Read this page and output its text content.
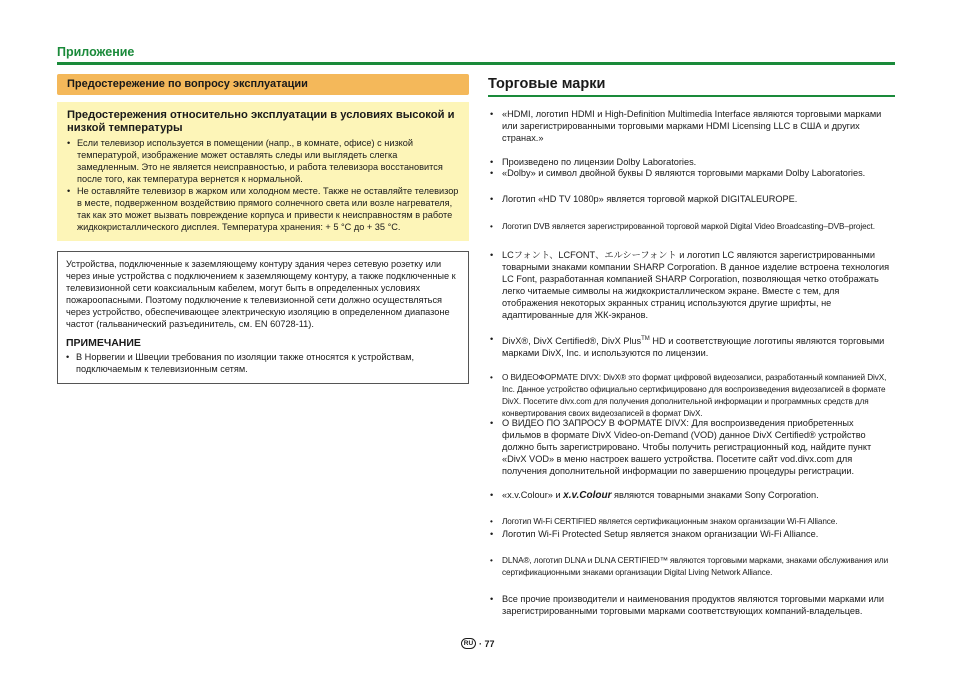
Приложение
Предостережение по вопросу эксплуатации
Предостережения относительно эксплуатации в условиях высокой и низкой температуры
• Если телевизор используется в помещении (напр., в комнате, офисе) с низкой температурой, изображение может оставлять следы или выглядеть слегка замедленным. Это не является неисправностью, и работа телевизора восстановится после того, как температура вернется к нормальной.
• Не оставляйте телевизор в жарком или холодном месте. Также не оставляйте телевизор в месте, подверженном воздействию прямого солнечного света или возле нагревателя, так как это может вызвать повреждение корпуса и привести к неисправностям в работе жидкокристаллического дисплея. Температура хранения: + 5 °C до + 35 °C.
Устройства, подключенные к заземляющему контуру здания через сетевую розетку или через иные устройства с подключением к заземляющему контуру, а также подключенные к телевизионной сети коаксиальным кабелем, могут быть в определенных условиях пожароопасными. Поэтому подключение к телевизионной сети должно осуществляться через устройство, обеспечивающее электрическую изоляцию в определенном диапазоне частот (гальванический разъединитель, см. EN 60728-11).
ПРИМЕЧАНИЕ
• В Норвегии и Швеции требования по изоляции также относятся к устройствам, подключаемым к телевизионным сетям.
Торговые марки
• «HDMI, логотип HDMI и High-Definition Multimedia Interface являются торговыми марками или зарегистрированными торговыми марками HDMI Licensing LLC в США и других странах.»
• Произведено по лицензии Dolby Laboratories.
• «Dolby» и символ двойной буквы D являются торговыми марками Dolby Laboratories.
• Логотип «HD TV 1080p» является торговой маркой DIGITALEUROPE.
• Логотип DVB является зарегистрированной торговой маркой Digital Video Broadcasting–DVB–project.
• LCフォント、LCFONT、エルシーフォント и логотип LC являются зарегистрированными товарными знаками компании SHARP Corporation. В данное изделие встроена технология LC Font, разработанная компанией SHARP Corporation, позволяющая четко отображать легко читаемые символы на жидкокристаллическом экране. Вместе с тем, для отображения некоторых экранных страниц используются другие шрифты, не адаптированные для ЖК-экранов.
• DivX®, DivX Certified®, DivX Plus™ HD и соответствующие логотипы являются торговыми марками DivX, Inc. и используются по лицензии.
• О ВИДЕОФОРМАТЕ DIVX: DivX® это формат цифровой видеозаписи, разработанный компанией DivX, Inc. Данное устройство официально сертифицировано для воспроизведения видеозаписей в формате DivX. Посетите divx.com для получения дополнительной информации и программных средств для конвертирования своих видеозаписей в формат DivX.
• О ВИДЕО ПО ЗАПРОСУ В ФОРМАТЕ DIVX: Для воспроизведения приобретенных фильмов в формате DivX Video-on-Demand (VOD) данное DivX Certified® устройство должно быть зарегистрировано. Чтобы получить регистрационный код, найдите пункт «DivX VOD» в меню настроек вашего устройства. Посетите сайт vod.divx.com для получения дополнительной информации по завершению процедуры регистрации.
• «x.v.Colour» и x.v.Colour являются товарными знаками Sony Corporation.
• Логотип Wi-Fi CERTIFIED является сертификационным знаком организации Wi-Fi Alliance.
• Логотип Wi-Fi Protected Setup является знаком организации Wi-Fi Alliance.
• DLNA®, логотип DLNA и DLNA CERTIFIED™ являются торговыми марками, знаками обслуживания или сертификационными знаками организации Digital Living Network Alliance.
• Все прочие производители и наименования продуктов являются торговыми марками или зарегистрированными торговыми марками соответствующих компаний-владельцев.
RU · 77
